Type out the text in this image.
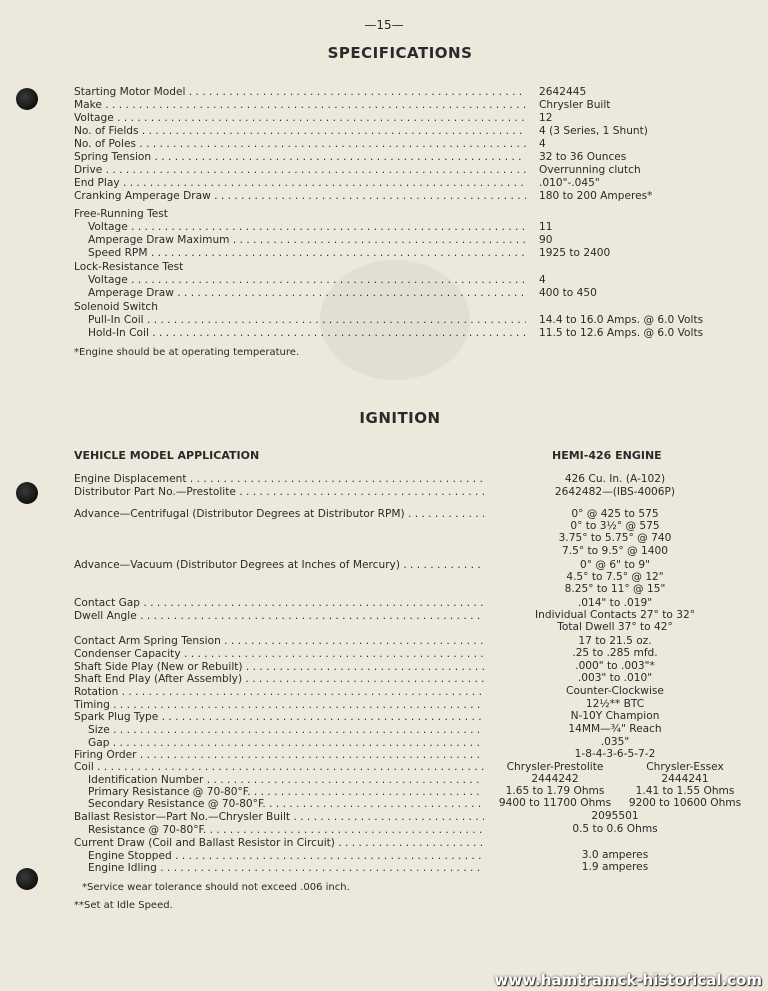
—15—
SPECIFICATIONS
Starting Motor Model . . .	2642445
Make . . .	Chrysler Built
Voltage . . .	12
No. of Fields . . .	4 (3 Series, 1 Shunt)
No. of Poles . . .	4
Spring Tension . . .	32 to 36 Ounces
Drive . . .	Overrunning clutch
End Play . . .	.010"-.045"
Cranking Amperage Draw . . .	180 to 200 Amperes*
Free-Running Test
Voltage . . .	11
Amperage Draw Maximum . . .	90
Speed RPM . . .	1925 to 2400
Lock-Resistance Test
Voltage . . .	4
Amperage Draw . . .	400 to 450
Solenoid Switch
Pull-In Coil . . .	14.4 to 16.0 Amps. @ 6.0 Volts
Hold-In Coil . . .	11.5 to 12.6 Amps. @ 6.0 Volts
*Engine should be at operating temperature.
IGNITION
VEHICLE MODEL APPLICATION	HEMI-426 ENGINE
Engine Displacement . . .	426 Cu. In. (A-102)
Distributor Part No.—Prestolite . . .	2642482—(IBS-4006P)
Advance—Centrifugal (Distributor Degrees at Distributor RPM) . . .	0° @ 425 to 575
0° to 3½° @ 575
3.75° to 5.75° @ 740
7.5° to 9.5° @ 1400
Advance—Vacuum (Distributor Degrees at Inches of Mercury) . . .	0° @ 6" to 9"
4.5° to 7.5° @ 12"
8.25° to 11° @ 15"
Contact Gap . . .	.014" to .019"
Dwell Angle . . .	Individual Contacts 27° to 32°
Total Dwell 37° to 42°
Contact Arm Spring Tension . . .	17 to 21.5 oz.
Condenser Capacity . . .	.25 to .285 mfd.
Shaft Side Play (New or Rebuilt) . . .	.000" to .003"*
Shaft End Play (After Assembly) . . .	.003" to .010"
Rotation . . .	Counter-Clockwise
Timing . . .	12½** BTC
Spark Plug Type . . .	N-10Y Champion
Size . . .	14MM—¾" Reach
Gap . . .	.035"
Firing Order . . .	1-8-4-3-6-5-7-2
Coil . . .	Chrysler-Prestolite	Chrysler-Essex
Identification Number . . .	2444242	2444241
Primary Resistance @ 70-80°F. . . .	1.65 to 1.79 Ohms	1.41 to 1.55 Ohms
Secondary Resistance @ 70-80°F. . . .	9400 to 11700 Ohms	9200 to 10600 Ohms
Ballast Resistor—Part No.—Chrysler Built . . .	2095501
Resistance @ 70-80°F. . . .	0.5 to 0.6 Ohms
Current Draw (Coil and Ballast Resistor in Circuit) . . .
Engine Stopped . . .	3.0 amperes
Engine Idling . . .	1.9 amperes
*Service wear tolerance should not exceed .006 inch.
**Set at Idle Speed.
www.hamtramck-historical.com
